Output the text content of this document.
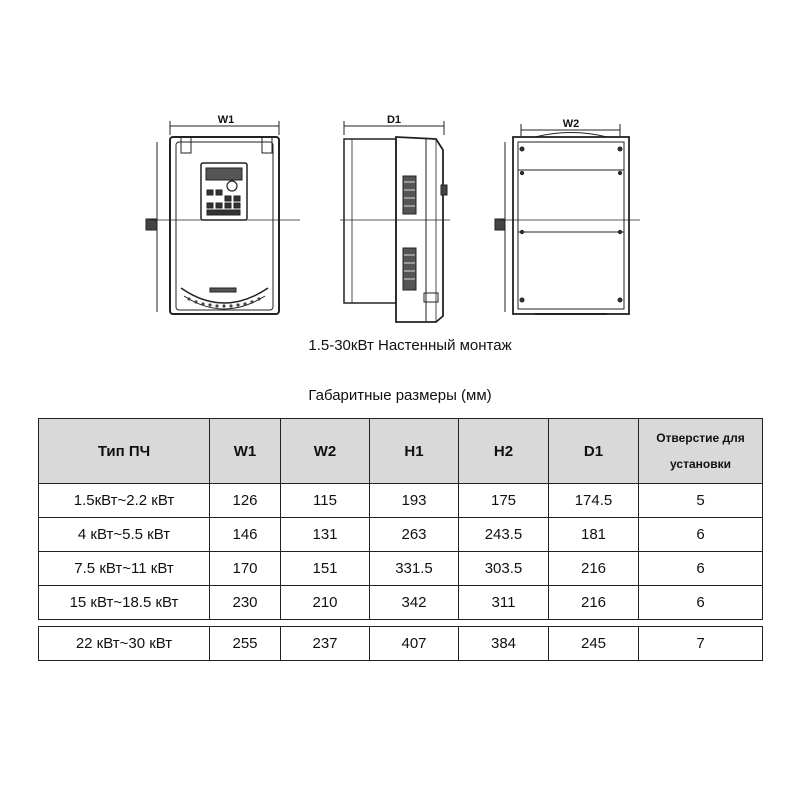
W1	D1	W2
1.5-30кВт Настенный монтаж
Габаритные размеры (мм)
Тип ПЧ	W1	W2	H1	H2	D1	Отверстие для
установки
1.5кВт~2.2 кВт	126	115	193	175	174.5	5
4 кВт~5.5 кВт	146	131	263	243.5	181	6
7.5 кВт~11 кВт	170	151	331.5	303.5	216	6
15 кВт~18.5 кВт	230	210	342	311	216	6
22 кВт~30 кВт	255	237	407	384	245	7
